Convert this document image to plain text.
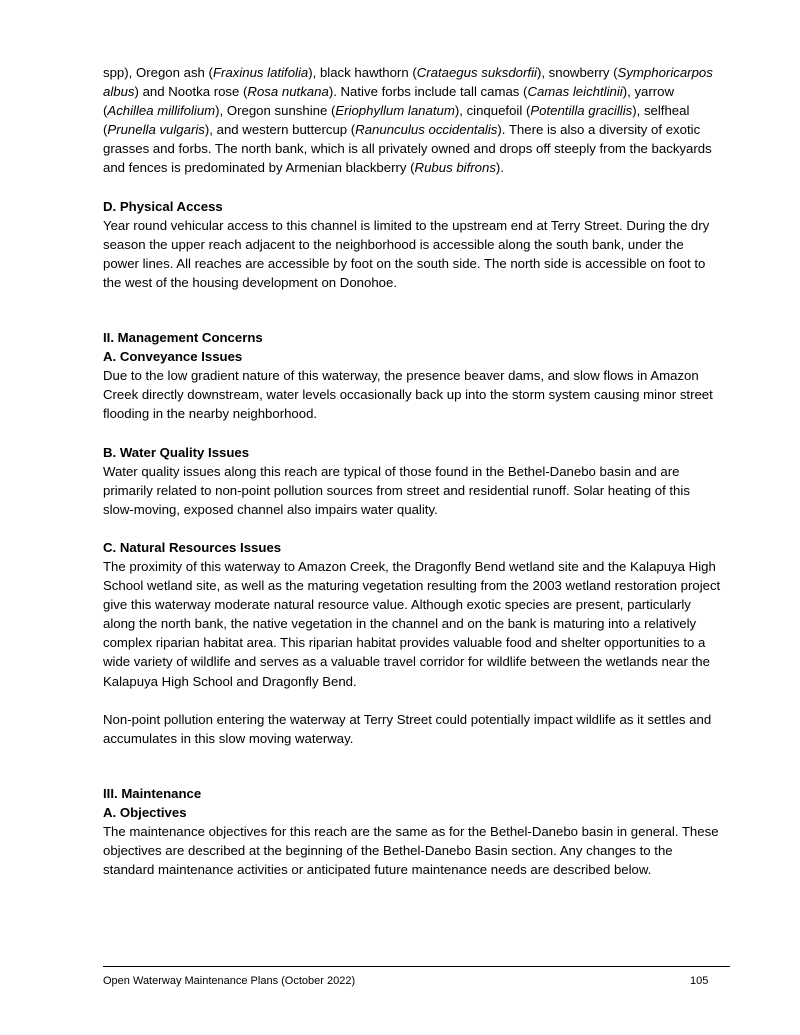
spp), Oregon ash (Fraxinus latifolia), black hawthorn (Crataegus suksdorfii), snowberry (Symphoricarpos albus) and Nootka rose (Rosa nutkana). Native forbs include tall camas (Camas leichtlinii), yarrow (Achillea millifolium), Oregon sunshine (Eriophyllum lanatum), cinquefoil (Potentilla gracillis), selfheal (Prunella vulgaris), and western buttercup (Ranunculus occidentalis). There is also a diversity of exotic grasses and forbs. The north bank, which is all privately owned and drops off steeply from the backyards and fences is predominated by Armenian blackberry (Rubus bifrons).

D. Physical Access

Year round vehicular access to this channel is limited to the upstream end at Terry Street. During the dry season the upper reach adjacent to the neighborhood is accessible along the south bank, under the power lines. All reaches are accessible by foot on the south side. The north side is accessible on foot to the west of the housing development on Donohoe.

II. Management Concerns

A. Conveyance Issues

Due to the low gradient nature of this waterway, the presence beaver dams, and slow flows in Amazon Creek directly downstream, water levels occasionally back up into the storm system causing minor street flooding in the nearby neighborhood.

B. Water Quality Issues

Water quality issues along this reach are typical of those found in the Bethel-Danebo basin and are primarily related to non-point pollution sources from street and residential runoff. Solar heating of this slow-moving, exposed channel also impairs water quality.

C. Natural Resources Issues

The proximity of this waterway to Amazon Creek, the Dragonfly Bend wetland site and the Kalapuya High School wetland site, as well as the maturing vegetation resulting from the 2003 wetland restoration project give this waterway moderate natural resource value. Although exotic species are present, particularly along the north bank, the native vegetation in the channel and on the bank is maturing into a relatively complex riparian habitat area. This riparian habitat provides valuable food and shelter opportunities to a wide variety of wildlife and serves as a valuable travel corridor for wildlife between the wetlands near the Kalapuya High School and Dragonfly Bend.

Non-point pollution entering the waterway at Terry Street could potentially impact wildlife as it settles and accumulates in this slow moving waterway.

III. Maintenance

A. Objectives

The maintenance objectives for this reach are the same as for the Bethel-Danebo basin in general. These objectives are described at the beginning of the Bethel-Danebo Basin section. Any changes to the standard maintenance activities or anticipated future maintenance needs are described below.

Open Waterway Maintenance Plans (October 2022)	105
